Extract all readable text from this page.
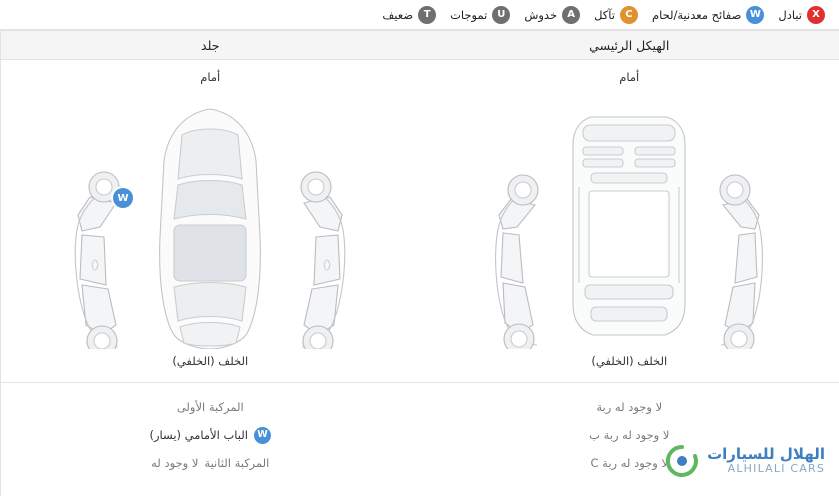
X
تبادل
W
صفائح معدنية/لحام
C
تآكل
A
خدوش
U
تموجات
T
ضعيف
الهيكل الرئيسي
أمام
الخلف (الخلفي)
لا وجود له ربة
لا وجود له ربة ب
لا وجود له ربة C
جلد
أمام
W
الخلف (الخلفي)
المركبة الأولى
W
الباب الأمامي (يسار)
المركبة الثانية
لا وجود له	الهلال للسيارات
ALHILALI CARS
